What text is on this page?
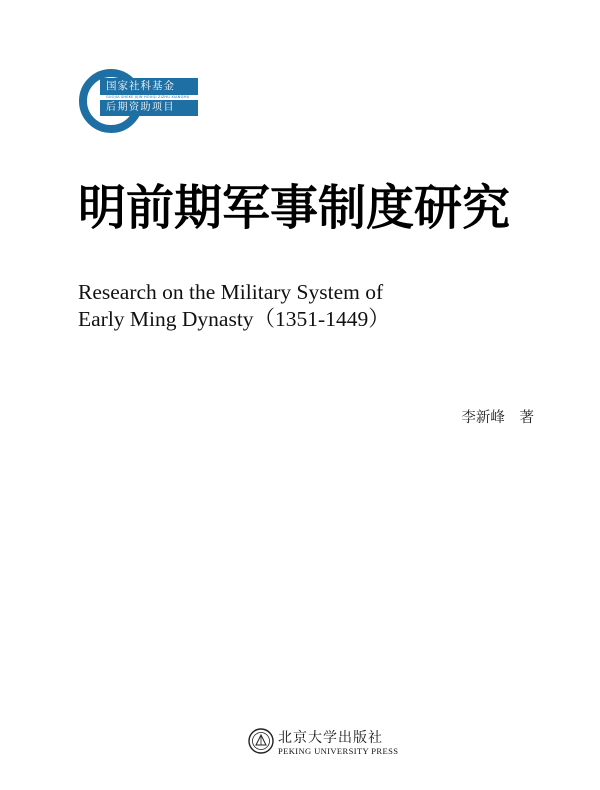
国家社科基金
GUOJIA SHEKE JIJIN HOUQI ZIZHU XIANGMU
后期资助项目
明前期军事制度研究
Research on the Military System of
Early Ming Dynasty（1351-1449）
李新峰 著
北京大学出版社
PEKING UNIVERSITY PRESS
